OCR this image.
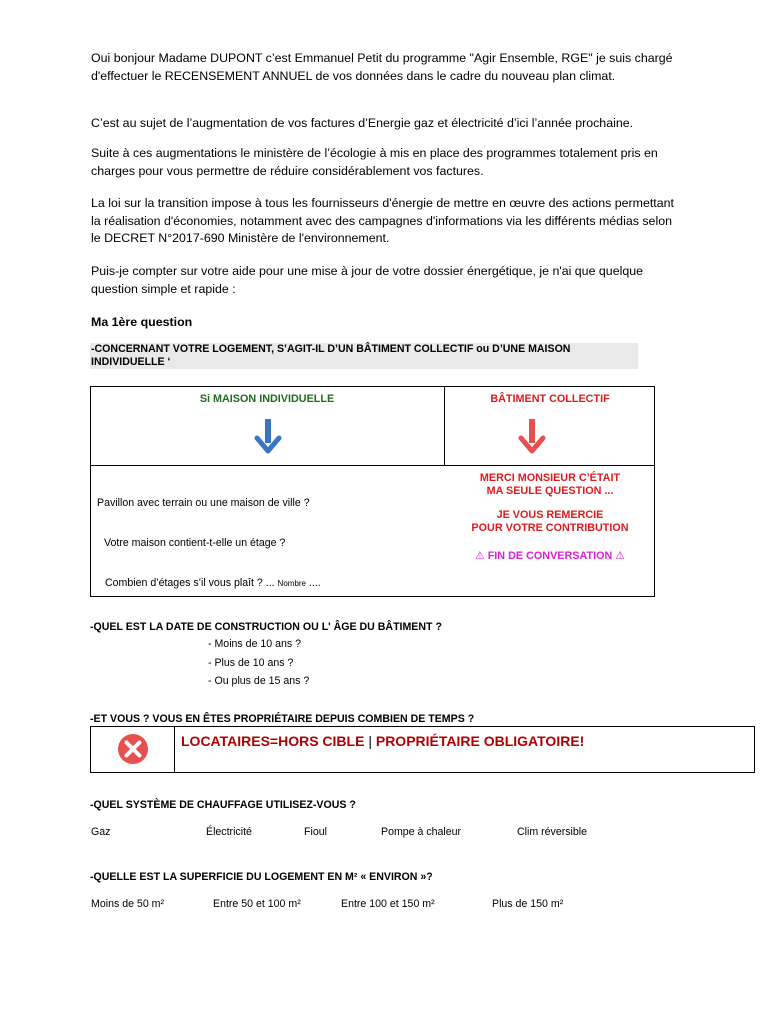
Oui bonjour Madame DUPONT c’est Emmanuel Petit du programme "Agir Ensemble, RGE" je suis chargé d'effectuer le RECENSEMENT ANNUEL de vos données dans le cadre du nouveau plan climat.

C’est au sujet de l’augmentation de vos factures d’Energie gaz et électricité d’ici l’année prochaine.

Suite à ces augmentations le ministère de l’écologie à mis en place des programmes totalement pris en charges pour vous permettre de réduire considérablement vos factures.

La loi sur la transition impose à tous les fournisseurs d'énergie de mettre en œuvre des actions permettant la réalisation d'économies, notamment avec des campagnes d'informations via les différents médias selon le DECRET N°2017-690 Ministère de l'environnement.

Puis-je compter sur votre aide pour une mise à jour de votre dossier énergétique, je n'ai que quelque question simple et rapide :

Ma 1ère question

-CONCERNANT VOTRE LOGEMENT, S’AGIT-IL D’UN BÂTIMENT COLLECTIF ou D’UNE MAISON INDIVIDUELLE ‘

Si MAISON INDIVIDUELLE	BÂTIMENT COLLECTIF
Pavillon avec terrain ou une maison de ville ?
Votre maison contient-t-elle un étage ?
Combien d’étages s’il vous plaît ? ... Nombre ....
MERCI MONSIEUR C’ÉTAIT
MA SEULE QUESTION ...
JE VOUS REMERCIE
POUR VOTRE CONTRIBUTION
⚠ FIN DE CONVERSATION ⚠

-QUEL EST LA DATE DE CONSTRUCTION OU L' ÂGE DU BÂTIMENT ?

- Moins de 10 ans ?
- Plus de 10 ans ?
- Ou plus de 15 ans ?

-ET VOUS ? VOUS EN ÊTES PROPRIÉTAIRE DEPUIS COMBIEN DE TEMPS ?

LOCATAIRES=HORS CIBLE | PROPRIÉTAIRE OBLIGATOIRE!

-QUEL SYSTÈME DE CHAUFFAGE UTILISEZ-VOUS ?

Gaz	Électricité	Fioul	Pompe à chaleur	Clim réversible

-QUELLE EST LA SUPERFICIE DU LOGEMENT EN M² « ENVIRON »?

Moins de 50 m²	Entre 50 et 100 m²	Entre 100 et 150 m²	Plus de 150 m²
